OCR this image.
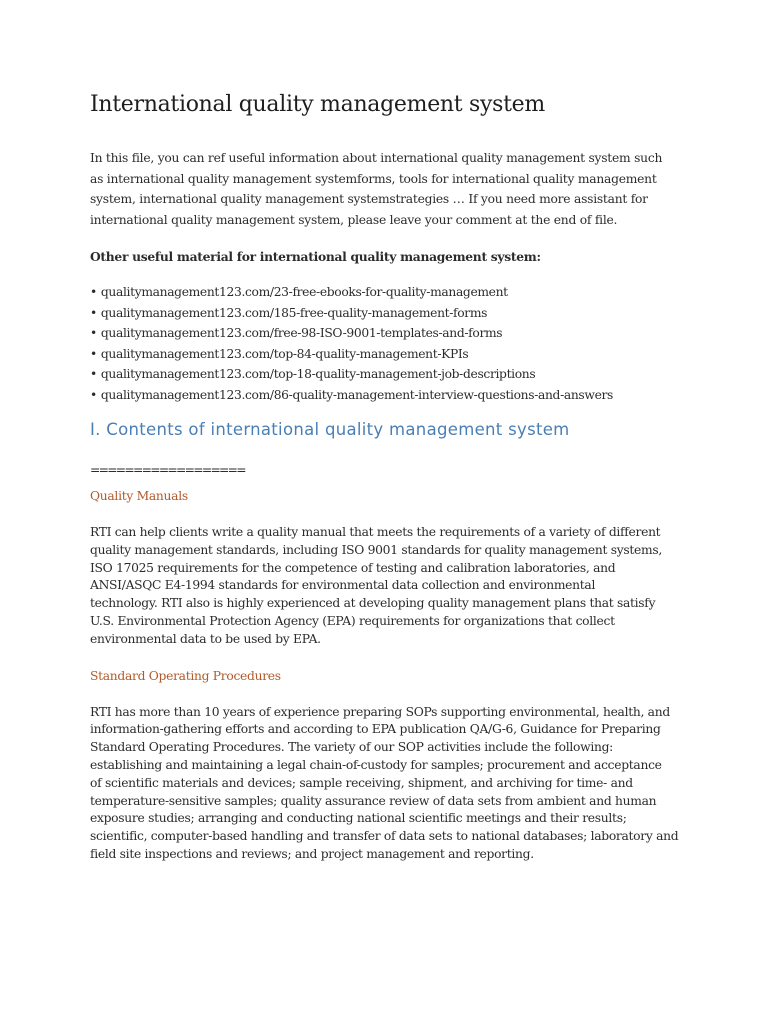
International quality management system

In this file, you can ref useful information about international quality management system such
as international quality management systemforms, tools for international quality management
system, international quality management systemstrategies … If you need more assistant for
international quality management system, please leave your comment at the end of file.

Other useful material for international quality management system:
• qualitymanagement123.com/23-free-ebooks-for-quality-management
• qualitymanagement123.com/185-free-quality-management-forms
• qualitymanagement123.com/free-98-ISO-9001-templates-and-forms
• qualitymanagement123.com/top-84-quality-management-KPIs
• qualitymanagement123.com/top-18-quality-management-job-descriptions
• qualitymanagement123.com/86-quality-management-interview-questions-and-answers
I. Contents of international quality management system
==================
Quality Manuals

RTI can help clients write a quality manual that meets the requirements of a variety of different
quality management standards, including ISO 9001 standards for quality management systems,
ISO 17025 requirements for the competence of testing and calibration laboratories, and
ANSI/ASQC E4-1994 standards for environmental data collection and environmental
technology. RTI also is highly experienced at developing quality management plans that satisfy
U.S. Environmental Protection Agency (EPA) requirements for organizations that collect
environmental data to be used by EPA.

Standard Operating Procedures

RTI has more than 10 years of experience preparing SOPs supporting environmental, health, and
information-gathering efforts and according to EPA publication QA/G-6, Guidance for Preparing
Standard Operating Procedures. The variety of our SOP activities include the following:
establishing and maintaining a legal chain-of-custody for samples; procurement and acceptance
of scientific materials and devices; sample receiving, shipment, and archiving for time- and
temperature-sensitive samples; quality assurance review of data sets from ambient and human
exposure studies; arranging and conducting national scientific meetings and their results;
scientific, computer-based handling and transfer of data sets to national databases; laboratory and
field site inspections and reviews; and project management and reporting.
